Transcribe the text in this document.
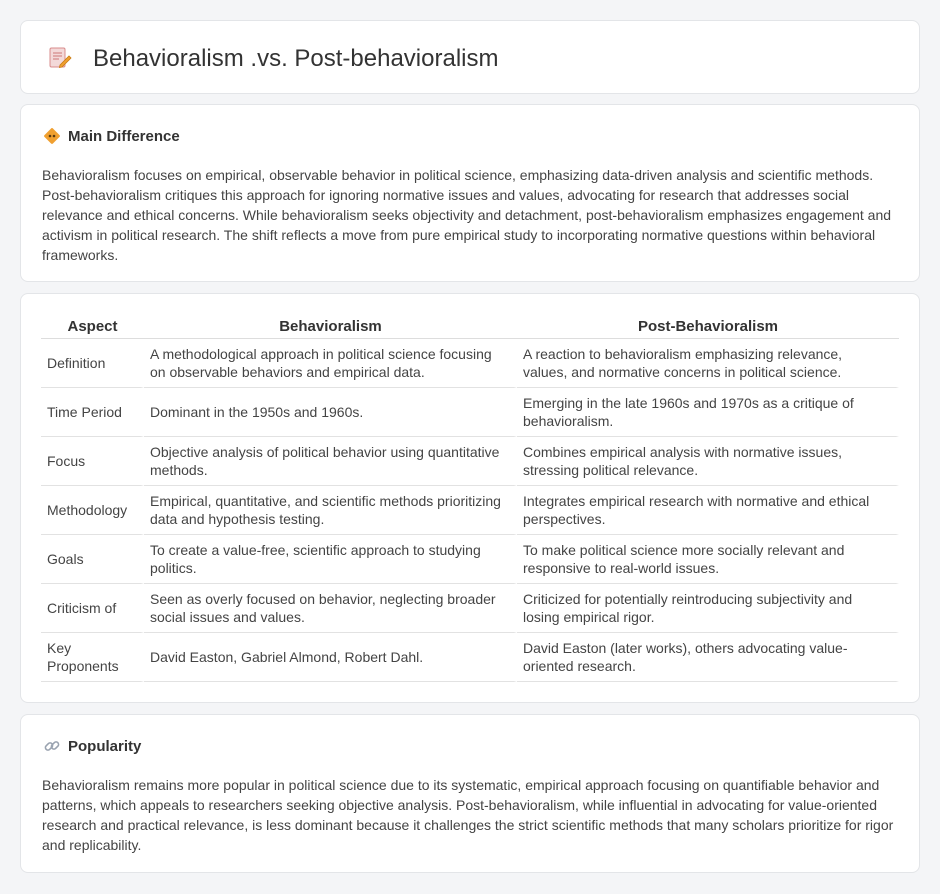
Behavioralism .vs. Post-behavioralism
Main Difference

Behavioralism focuses on empirical, observable behavior in political science, emphasizing data-driven analysis and scientific methods. Post-behavioralism critiques this approach for ignoring normative issues and values, advocating for research that addresses social relevance and ethical concerns. While behavioralism seeks objectivity and detachment, post-behavioralism emphasizes engagement and activism in political research. The shift reflects a move from pure empirical study to incorporating normative questions within behavioral frameworks.

Aspect	Behavioralism	Post-Behavioralism
Definition	A methodological approach in political science focusing on observable behaviors and empirical data.	A reaction to behavioralism emphasizing relevance, values, and normative concerns in political science.
Time Period	Dominant in the 1950s and 1960s.	Emerging in the late 1960s and 1970s as a critique of behavioralism.
Focus	Objective analysis of political behavior using quantitative methods.	Combines empirical analysis with normative issues, stressing political relevance.
Methodology	Empirical, quantitative, and scientific methods prioritizing data and hypothesis testing.	Integrates empirical research with normative and ethical perspectives.
Goals	To create a value-free, scientific approach to studying politics.	To make political science more socially relevant and responsive to real-world issues.
Criticism of	Seen as overly focused on behavior, neglecting broader social issues and values.	Criticized for potentially reintroducing subjectivity and losing empirical rigor.
Key Proponents	David Easton, Gabriel Almond, Robert Dahl.	David Easton (later works), others advocating value-oriented research.
Popularity

Behavioralism remains more popular in political science due to its systematic, empirical approach focusing on quantifiable behavior and patterns, which appeals to researchers seeking objective analysis. Post-behavioralism, while influential in advocating for value-oriented research and practical relevance, is less dominant because it challenges the strict scientific methods that many scholars prioritize for rigor and replicability.
